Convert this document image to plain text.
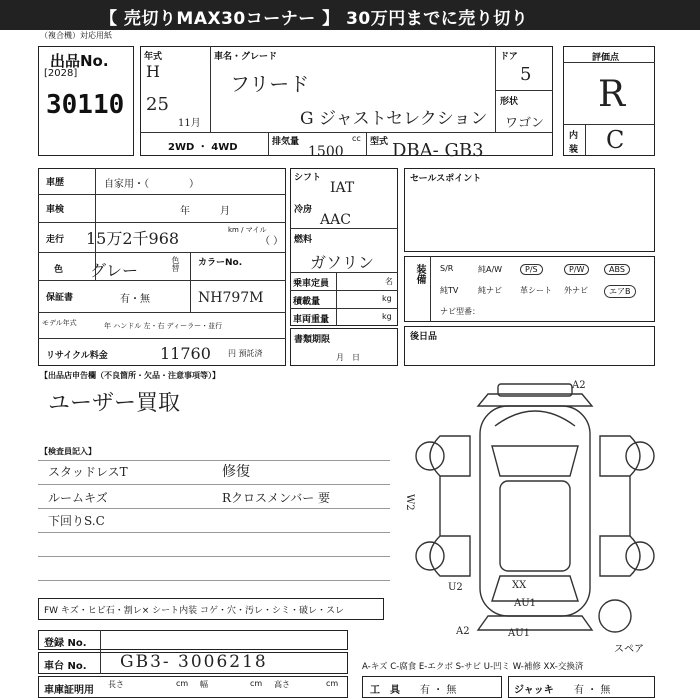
【 売切りMAX30コーナー 】 30万円までに売り切り
（複合機）対応用紙
出品No.
[2028]
30110
年式
H
25
11月
車名・グレード
フリード
G ジャストセレクション
ドア
5
形状
ワゴン
2WD ・ 4WD	排気量	cc
1500
型式 DBA- GB3
評価点
R
内
装 C
車歴	自家用・（　　　　）
車検	年　　　月
走行 15万2千968	km / マイル
（ ）
色 グレー	色替 カラーNo.
NH797M
保証書	有・無
モデル年式	年 ハンドル 左・右 ディーラー・並行
リサイクル料金	11760 円 預託済
シフト
IAT
冷房
AAC
燃料
ガソリン
乗車定員	名
積載量	kg
車両重量	kg
書類期限
月　日
セールスポイント
装備 S/R	純A/W	P/S	P/W	ABS
純TV 純ナビ 革シート 外ナビ	エアB
ナビ型番：
後日品
【出品店申告欄（不良箇所・欠品・注意事項等）】
ユーザー買取
【検査員記入】
スタッドレスT	修復
ルームキズ	Rクロスメンバー 要
下回りS.C
A2
W2
XX
U2
AU1
A2	AU1
スペア
FW キズ・ヒビ石・割レ× シート内装 コゲ・穴・汚レ・シミ・破レ・スレ
登録 No.
車台 No. GB3- 3006218
車庫証明用
長さ	cm 幅	cm 高さ	cm
A-キズ C-腐食 E-エクボ S-サビ U-凹ミ W-補修 XX-交換済
工　具 有 ・ 無	ジャッキ 有 ・ 無
